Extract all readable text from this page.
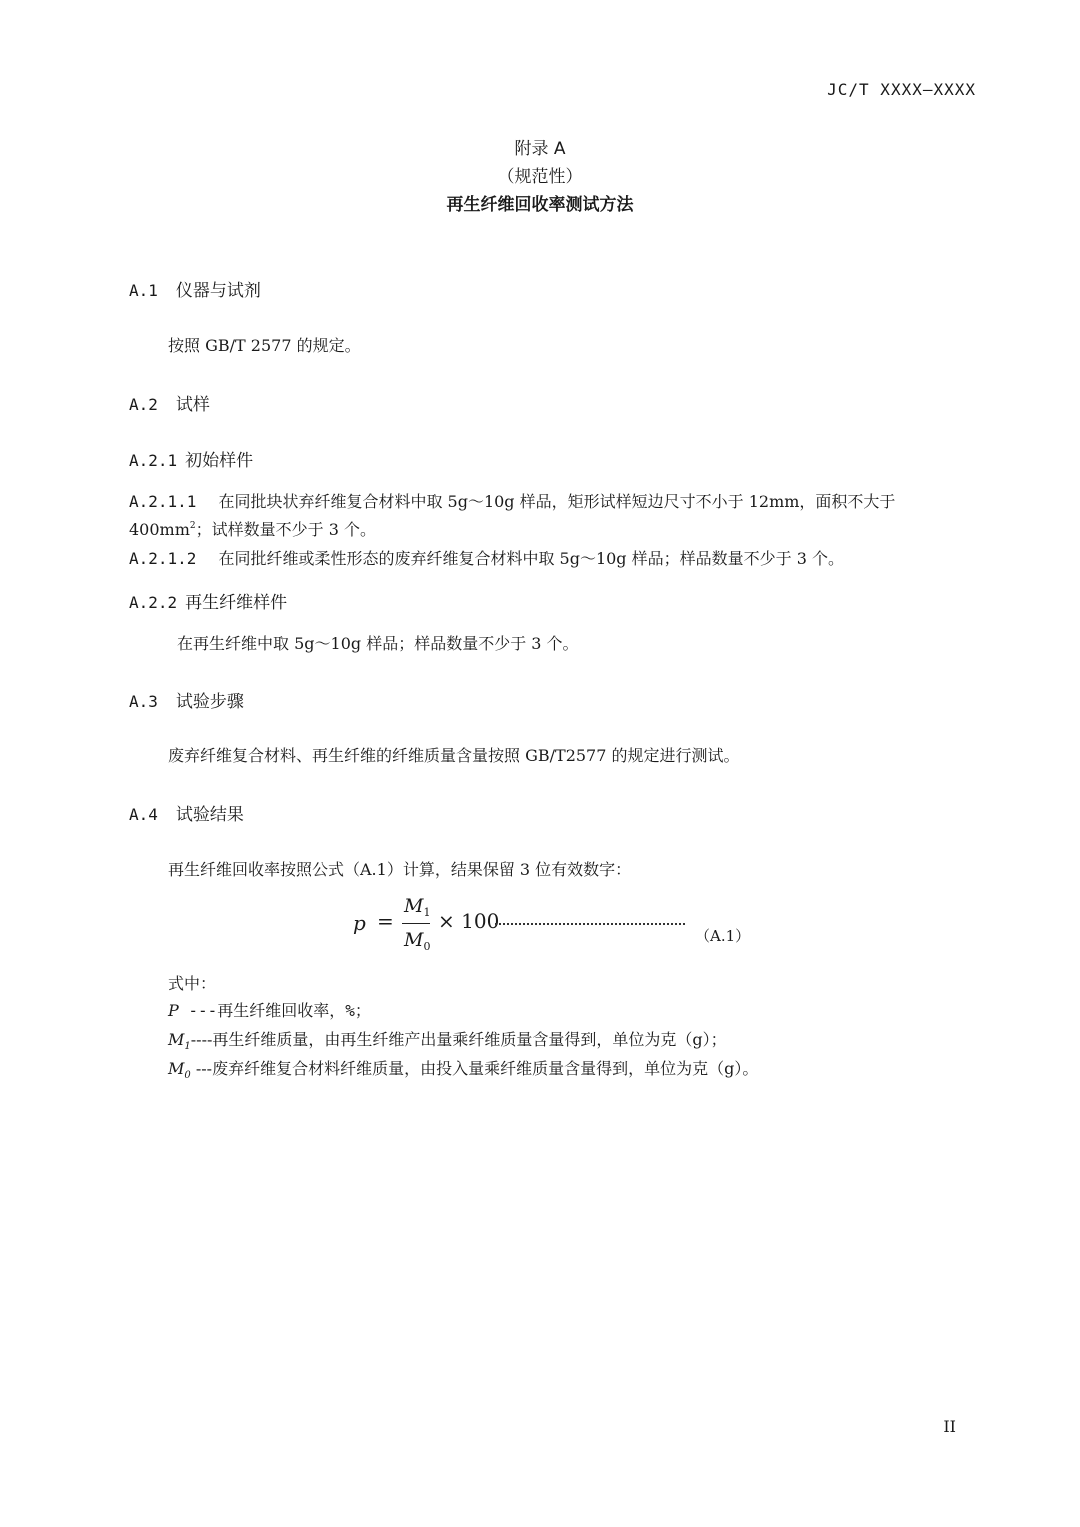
JC/T XXXX—XXXX
附录 A
（规范性）
再生纤维回收率测试方法
A.1 仪器与试剂
按照 GB/T 2577 的规定。
A.2 试样
A.2.1 初始样件
A.2.1.1 在同批块状弃纤维复合材料中取 5g～10g 样品，矩形试样短边尺寸不小于 12mm，面积不大于
$400mm^2$；试样数量不少于 3 个。
A.2.1.2 在同批纤维或柔性形态的废弃纤维复合材料中取 5g～10g 样品；样品数量不少于 3 个。
A.2.2 再生纤维样件
在再生纤维中取 5g～10g 样品；样品数量不少于 3 个。
A.3 试验步骤
废弃纤维复合材料、再生纤维的纤维质量含量按照 GB/T2577 的规定进行测试。
A.4 试验结果
再生纤维回收率按照公式（A.1）计算，结果保留 3 位有效数字：
p =
$M_1$
$M_0$
× 100
（A.1）
式中：
P ---再生纤维回收率，%；
$M_1----$再生纤维质量，由再生纤维产出量乘纤维质量含量得到，单位为克（g）；
$M_0$ ---废弃纤维复合材料纤维质量，由投入量乘纤维质量含量得到，单位为克（g）。
II
